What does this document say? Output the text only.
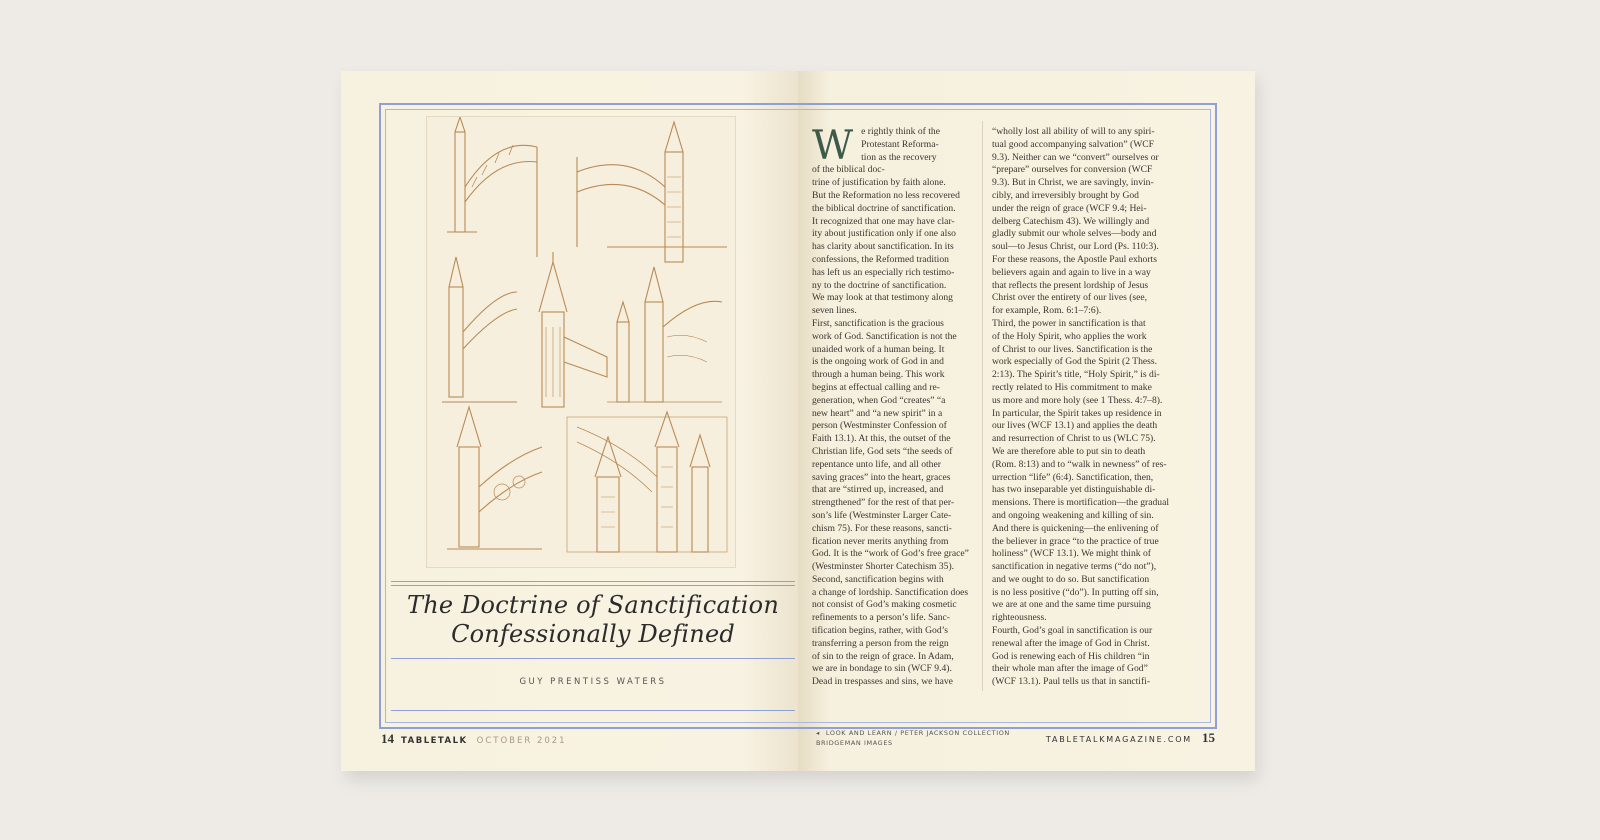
The Doctrine of Sanctification
Confessionally Defined
GUY PRENTISS WATERS
14 TABLETALK OCTOBER 2021
W e rightly think of the
Protestant Reforma-
tion as the recovery
of the biblical doc-
trine of justification by faith alone.
But the Reformation no less recovered
the biblical doctrine of sanctification.
It recognized that one may have clar-
ity about justification only if one also
has clarity about sanctification. In its
confessions, the Reformed tradition
has left us an especially rich testimo-
ny to the doctrine of sanctification.
We may look at that testimony along
seven lines.
First, sanctification is the gracious
work of God. Sanctification is not the
unaided work of a human being. It
is the ongoing work of God in and
through a human being. This work
begins at effectual calling and re-
generation, when God “creates” “a
new heart” and “a new spirit” in a
person (Westminster Confession of
Faith 13.1). At this, the outset of the
Christian life, God sets “the seeds of
repentance unto life, and all other
saving graces” into the heart, graces
that are “stirred up, increased, and
strengthened” for the rest of that per-
son’s life (Westminster Larger Cate-
chism 75). For these reasons, sancti-
fication never merits anything from
God. It is the “work of God’s free grace”
(Westminster Shorter Catechism 35).
Second, sanctification begins with
a change of lordship. Sanctification does
not consist of God’s making cosmetic
refinements to a person’s life. Sanc-
tification begins, rather, with God’s
transferring a person from the reign
of sin to the reign of grace. In Adam,
we are in bondage to sin (WCF 9.4).
Dead in trespasses and sins, we have
“wholly lost all ability of will to any spiri-
tual good accompanying salvation” (WCF
9.3). Neither can we “convert” ourselves or
“prepare” ourselves for conversion (WCF
9.3). But in Christ, we are savingly, invin-
cibly, and irreversibly brought by God
under the reign of grace (WCF 9.4; Hei-
delberg Catechism 43). We willingly and
gladly submit our whole selves—body and
soul—to Jesus Christ, our Lord (Ps. 110:3).
For these reasons, the Apostle Paul exhorts
believers again and again to live in a way
that reflects the present lordship of Jesus
Christ over the entirety of our lives (see,
for example, Rom. 6:1–7:6).
Third, the power in sanctification is that
of the Holy Spirit, who applies the work
of Christ to our lives. Sanctification is the
work especially of God the Spirit (2 Thess.
2:13). The Spirit’s title, “Holy Spirit,” is di-
rectly related to His commitment to make
us more and more holy (see 1 Thess. 4:7–8).
In particular, the Spirit takes up residence in
our lives (WCF 13.1) and applies the death
and resurrection of Christ to us (WLC 75).
We are therefore able to put sin to death
(Rom. 8:13) and to “walk in newness” of res-
urrection “life” (6:4). Sanctification, then,
has two inseparable yet distinguishable di-
mensions. There is mortification—the gradual
and ongoing weakening and killing of sin.
And there is quickening—the enlivening of
the believer in grace “to the practice of true
holiness” (WCF 13.1). We might think of
sanctification in negative terms (“do not”),
and we ought to do so. But sanctification
is no less positive (“do”). In putting off sin,
we are at one and the same time pursuing
righteousness.
Fourth, God’s goal in sanctification is our
renewal after the image of God in Christ.
God is renewing each of His children “in
their whole man after the image of God”
(WCF 13.1). Paul tells us that in sanctifi-
◂ LOOK AND LEARN / PETER JACKSON COLLECTION
BRIDGEMAN IMAGES	TABLETALKMAGAZINE.COM 15
